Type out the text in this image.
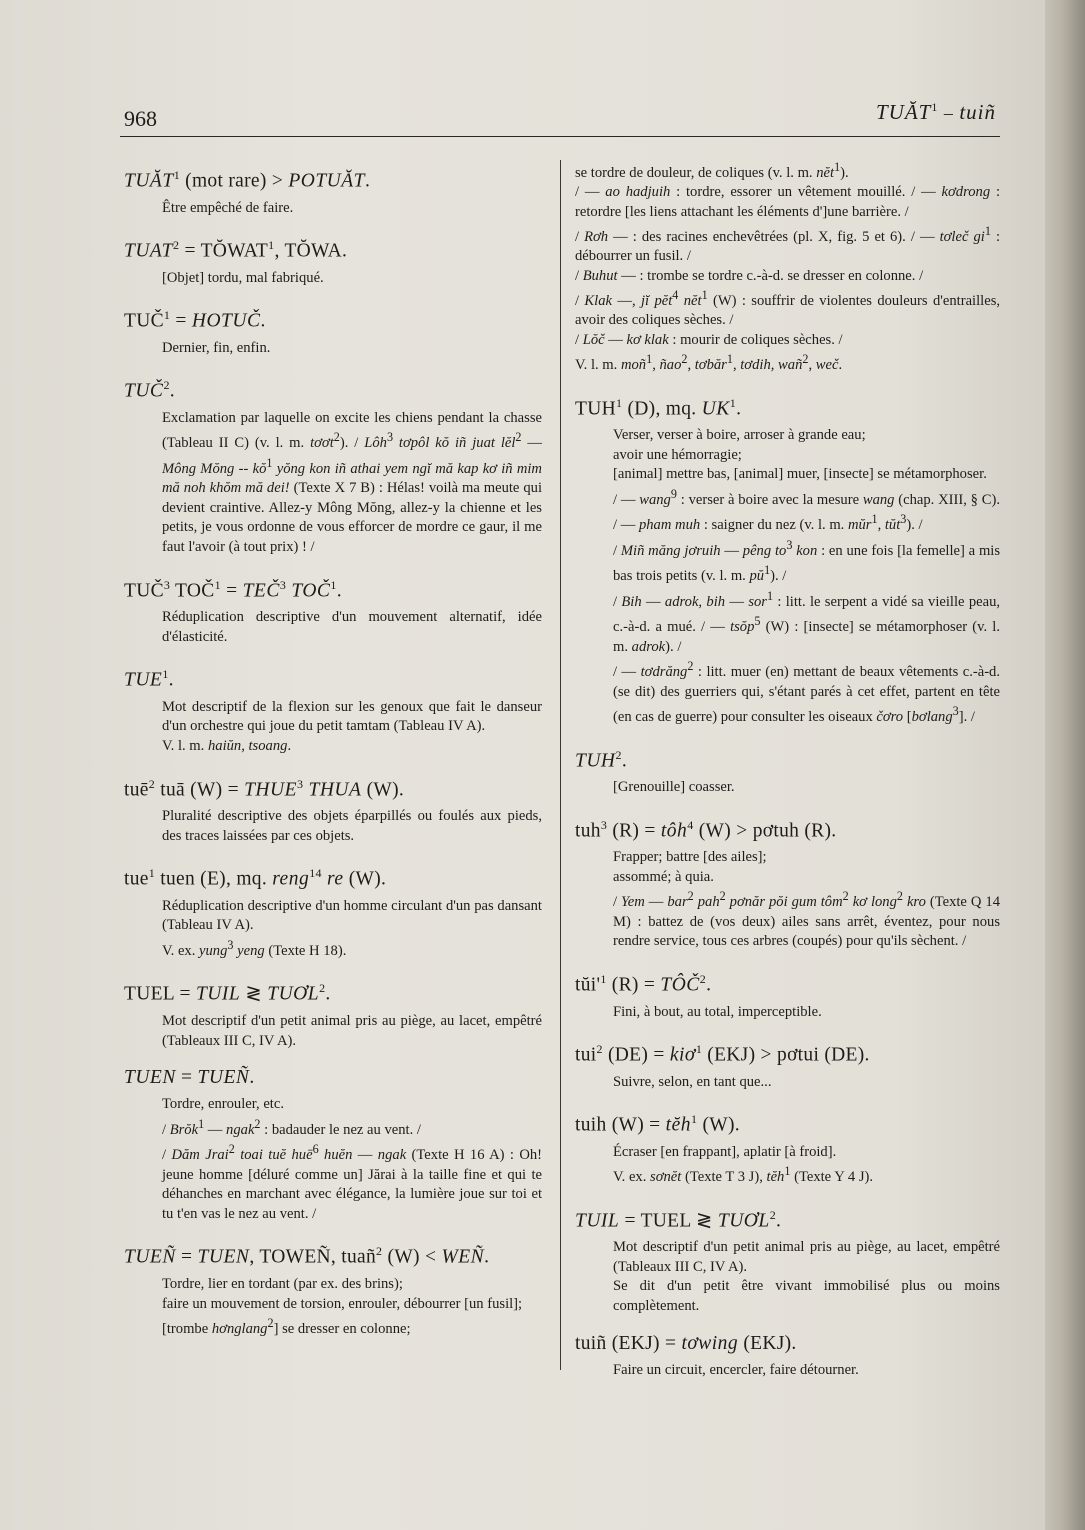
968	TUĂT$^1$ – tuiñ
TUĂT$^1$ (mot rare) > POTUĂT.

Être empêché de faire.

$TUAT^2$ = $TŎWAT^1$, TŎWA.

[Objet] tordu, mal fabriqué.

$TUČ^1$ = HOTUČ.

Dernier, fin, enfin.

TUČ$^2$.

Exclamation par laquelle on excite les chiens pendant la chasse (Tableau II C) (v. l. m. tơơt$^2$). / Lôh$^3$ tơpôl kŏ iñ juat lĕl$^2$ — Mông Mŏng -- $kŏ^1$ yŏng kon iñ athai yem ngĭ mă kap kơ iñ mim mă noh khŏm mă dei! (Texte X 7 B) : Hélas! voilà ma meute qui devient craintive. Allez-y Mông Mŏng, allez-y la chienne et les petits, je vous ordonne de vous efforcer de mordre ce gaur, il me faut l'avoir (à tout prix) ! /

TUČ$^3$ $TOČ^1$ = $TEČ^3$ TOČ$^1$.

Réduplication descriptive d'un mouvement alternatif, idée d'élasticité.

TUE$^1$.

Mot descriptif de la flexion sur les genoux que fait le danseur d'un orchestre qui joue du petit tamtam (Tableau IV A).

V. l. m. haiŭn, tsoang.

tuē$^2$ tuā $(W) = THUE^3$ THUA (W).

Pluralité descriptive des objets éparpillés ou foulés aux pieds, des traces laissées par ces objets.

tue$^1$ tuen (E), mq. reng$^{14}$ re (W).

Réduplication descriptive d'un homme circulant d'un pas dansant (Tableau IV A).

V. ex. yung$^3$ yeng (Texte H 18).

TUEL = TUIL ≷ TUƠL$^2$.

Mot descriptif d'un petit animal pris au piège, au lacet, empêtré (Tableaux III C, IV A).

TUEN = TUEÑ.

Tordre, enrouler, etc.

/ Brŏk$^1$ — ngak$^2$ : badauder le nez au vent. /

/ Dăm Jrai$^2$ toai tuĕ huē$^6$ huĕn — ngak (Texte H 16 A) : Oh! jeune homme [déluré comme un] Jărai à la taille fine et qui te déhanches en marchant avec élégance, la lumière joue sur toi et tu t'en vas le nez au vent. /

TUEÑ = TUEN, TOWEÑ, tuañ$^2$ (W) < WEÑ.

Tordre, lier en tordant (par ex. des brins);

faire un mouvement de torsion, enrouler, débourrer [un fusil];

[trombe hơnglang$^2$] se dresser en colonne;

se tordre de douleur, de coliques (v. l. m. nĕt$^1$).

/ — ao hadjuih : tordre, essorer un vêtement mouillé. / — kơdrong : retordre [les liens attachant les éléments d']une barrière. /

/ Rơh — : des racines enchevêtrées (pl. X, fig. 5 et 6). / — tơleč $gi^1$ : débourrer un fusil. /

/ Buhut — : trombe se tordre c.-à-d. se dresser en colonne. /

/ Klak —, jĭ pĕt$^4$ nĕt$^1$ (W) : souffrir de violentes douleurs d'entrailles, avoir des coliques sèches. /

/ Lŏč — kơ klak : mourir de coliques sèches. /

V. l. m. moñ$^1$, ñao$^2$, tơbăr$^1$, tơdih, wañ$^2$, weč.

TUH$^1$ (D), mq. $UK^1$.

Verser, verser à boire, arroser à grande eau;

avoir une hémorragie;

[animal] mettre bas, [animal] muer, [insecte] se métamorphoser.

/ — wang$^9$ : verser à boire avec la mesure wang (chap. XIII, § C). / — pham muh : saigner du nez (v. l. m. mŭr$^1$, tŭt$^3$). /

/ Miñ măng jơruih — pêng $to^3$ kon : en une fois [la femelle] a mis bas trois petits (v. l. m. $pŭ^1$). /

/ Bih — adrok, bih — sor$^1$ : litt. le serpent a vidé sa vieille peau, c.-à-d. a mué. / — tsŏp$^5$ (W) : [insecte] se métamorphoser (v. l. m. adrok). /

/ — tơdrăng$^2$ : litt. muer (en) mettant de beaux vêtements c.-à-d. (se dit) des guerriers qui, s'étant parés à cet effet, partent en tête (en cas de guerre) pour consulter les oiseaux čơro [bơlang$^3$]. /

TUH$^2$.

[Grenouille] coasser.

tuh$^3$ (R) = tôh$^4$ (W) > pơtuh (R).

Frapper; battre [des ailes];

assommé; à quia.

/ Yem — bar$^2$ pah$^2$ pơnăr pŏi gum tôm$^2$ kơ long$^2$ kro (Texte Q 14 M) : battez de (vos deux) ailes sans arrêt, éventez, pour nous rendre service, tous ces arbres (coupés) pour qu'ils sèchent. /

$tŭi'^1$ $(R) = TÔČ^2$.

Fini, à bout, au total, imperceptible.

tui$^2$ (DE) = kiơ$^1$ (EKJ) > pơtui (DE).

Suivre, selon, en tant que...

tuih (W) = tĕh$^1$ (W).

Écraser [en frappant], aplatir [à froid].

V. ex. sơnĕt (Texte T 3 J), tĕh$^1$ (Texte Y 4 J).

TUIL = TUEL ≷ TUƠL$^2$.

Mot descriptif d'un petit animal pris au piège, au lacet, empêtré (Tableaux III C, IV A).

Se dit d'un petit être vivant immobilisé plus ou moins complètement.

tuiñ (EKJ) = tơwing (EKJ).

Faire un circuit, encercler, faire détourner.
